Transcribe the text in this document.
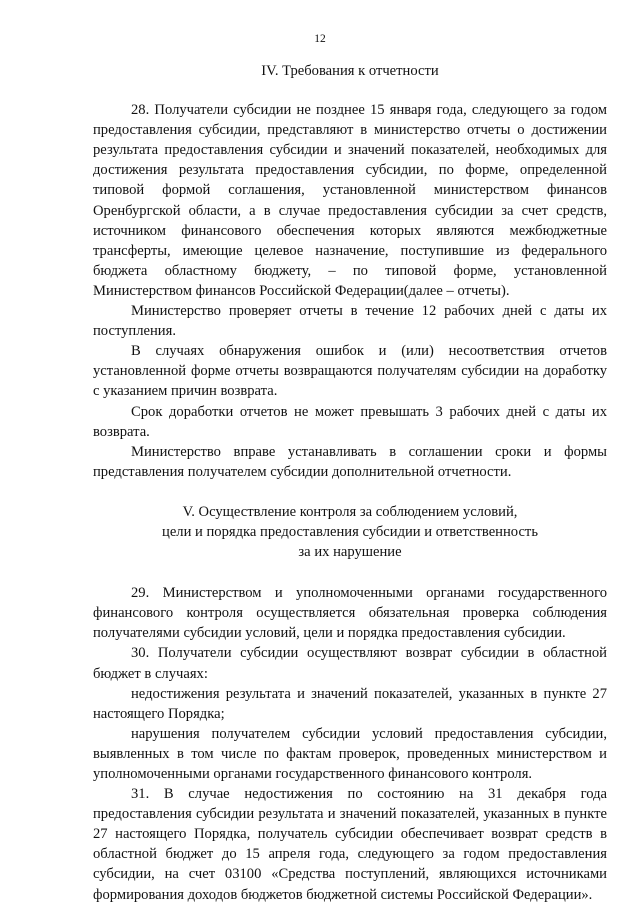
12
IV. Требования к отчетности

28. Получатели субсидии не позднее 15 января года, следующего за годом предоставления субсидии, представляют в министерство отчеты о достижении результата предоставления субсидии и значений показателей, необходимых для достижения результата предоставления субсидии, по форме, определенной типовой формой соглашения, установленной министерством финансов Оренбургской области, а в случае предоставления субсидии за счет средств, источником финансового обеспечения которых являются межбюджетные трансферты, имеющие целевое назначение, поступившие из федерального бюджета областному бюджету, – по типовой форме, установленной Министерством финансов Российской Федерации(далее – отчеты).

Министерство проверяет отчеты в течение 12 рабочих дней с даты их поступления.

В случаях обнаружения ошибок и (или) несоответствия отчетов установленной форме отчеты возвращаются получателям субсидии на доработку с указанием причин возврата.

Срок доработки отчетов не может превышать 3 рабочих дней с даты их возврата.

Министерство вправе устанавливать в соглашении сроки и формы представления получателем субсидии дополнительной отчетности.

V. Осуществление контроля за соблюдением условий,
цели и порядка предоставления субсидии и ответственность
за их нарушение

29. Министерством и уполномоченными органами государственного финансового контроля осуществляется обязательная проверка соблюдения получателями субсидии условий, цели и порядка предоставления субсидии.

30. Получатели субсидии осуществляют возврат субсидии в областной бюджет в случаях:

недостижения результата и значений показателей, указанных в пункте 27 настоящего Порядка;

нарушения получателем субсидии условий предоставления субсидии, выявленных в том числе по фактам проверок, проведенных министерством и уполномоченными органами государственного финансового контроля.

31. В случае недостижения по состоянию на 31 декабря года предоставления субсидии результата и значений показателей, указанных в пункте 27 настоящего Порядка, получатель субсидии обеспечивает возврат средств в областной бюджет до 15 апреля года, следующего за годом предоставления субсидии, на счет 03100 «Средства поступлений, являющихся источниками формирования доходов бюджетов бюджетной системы Российской Федерации».
